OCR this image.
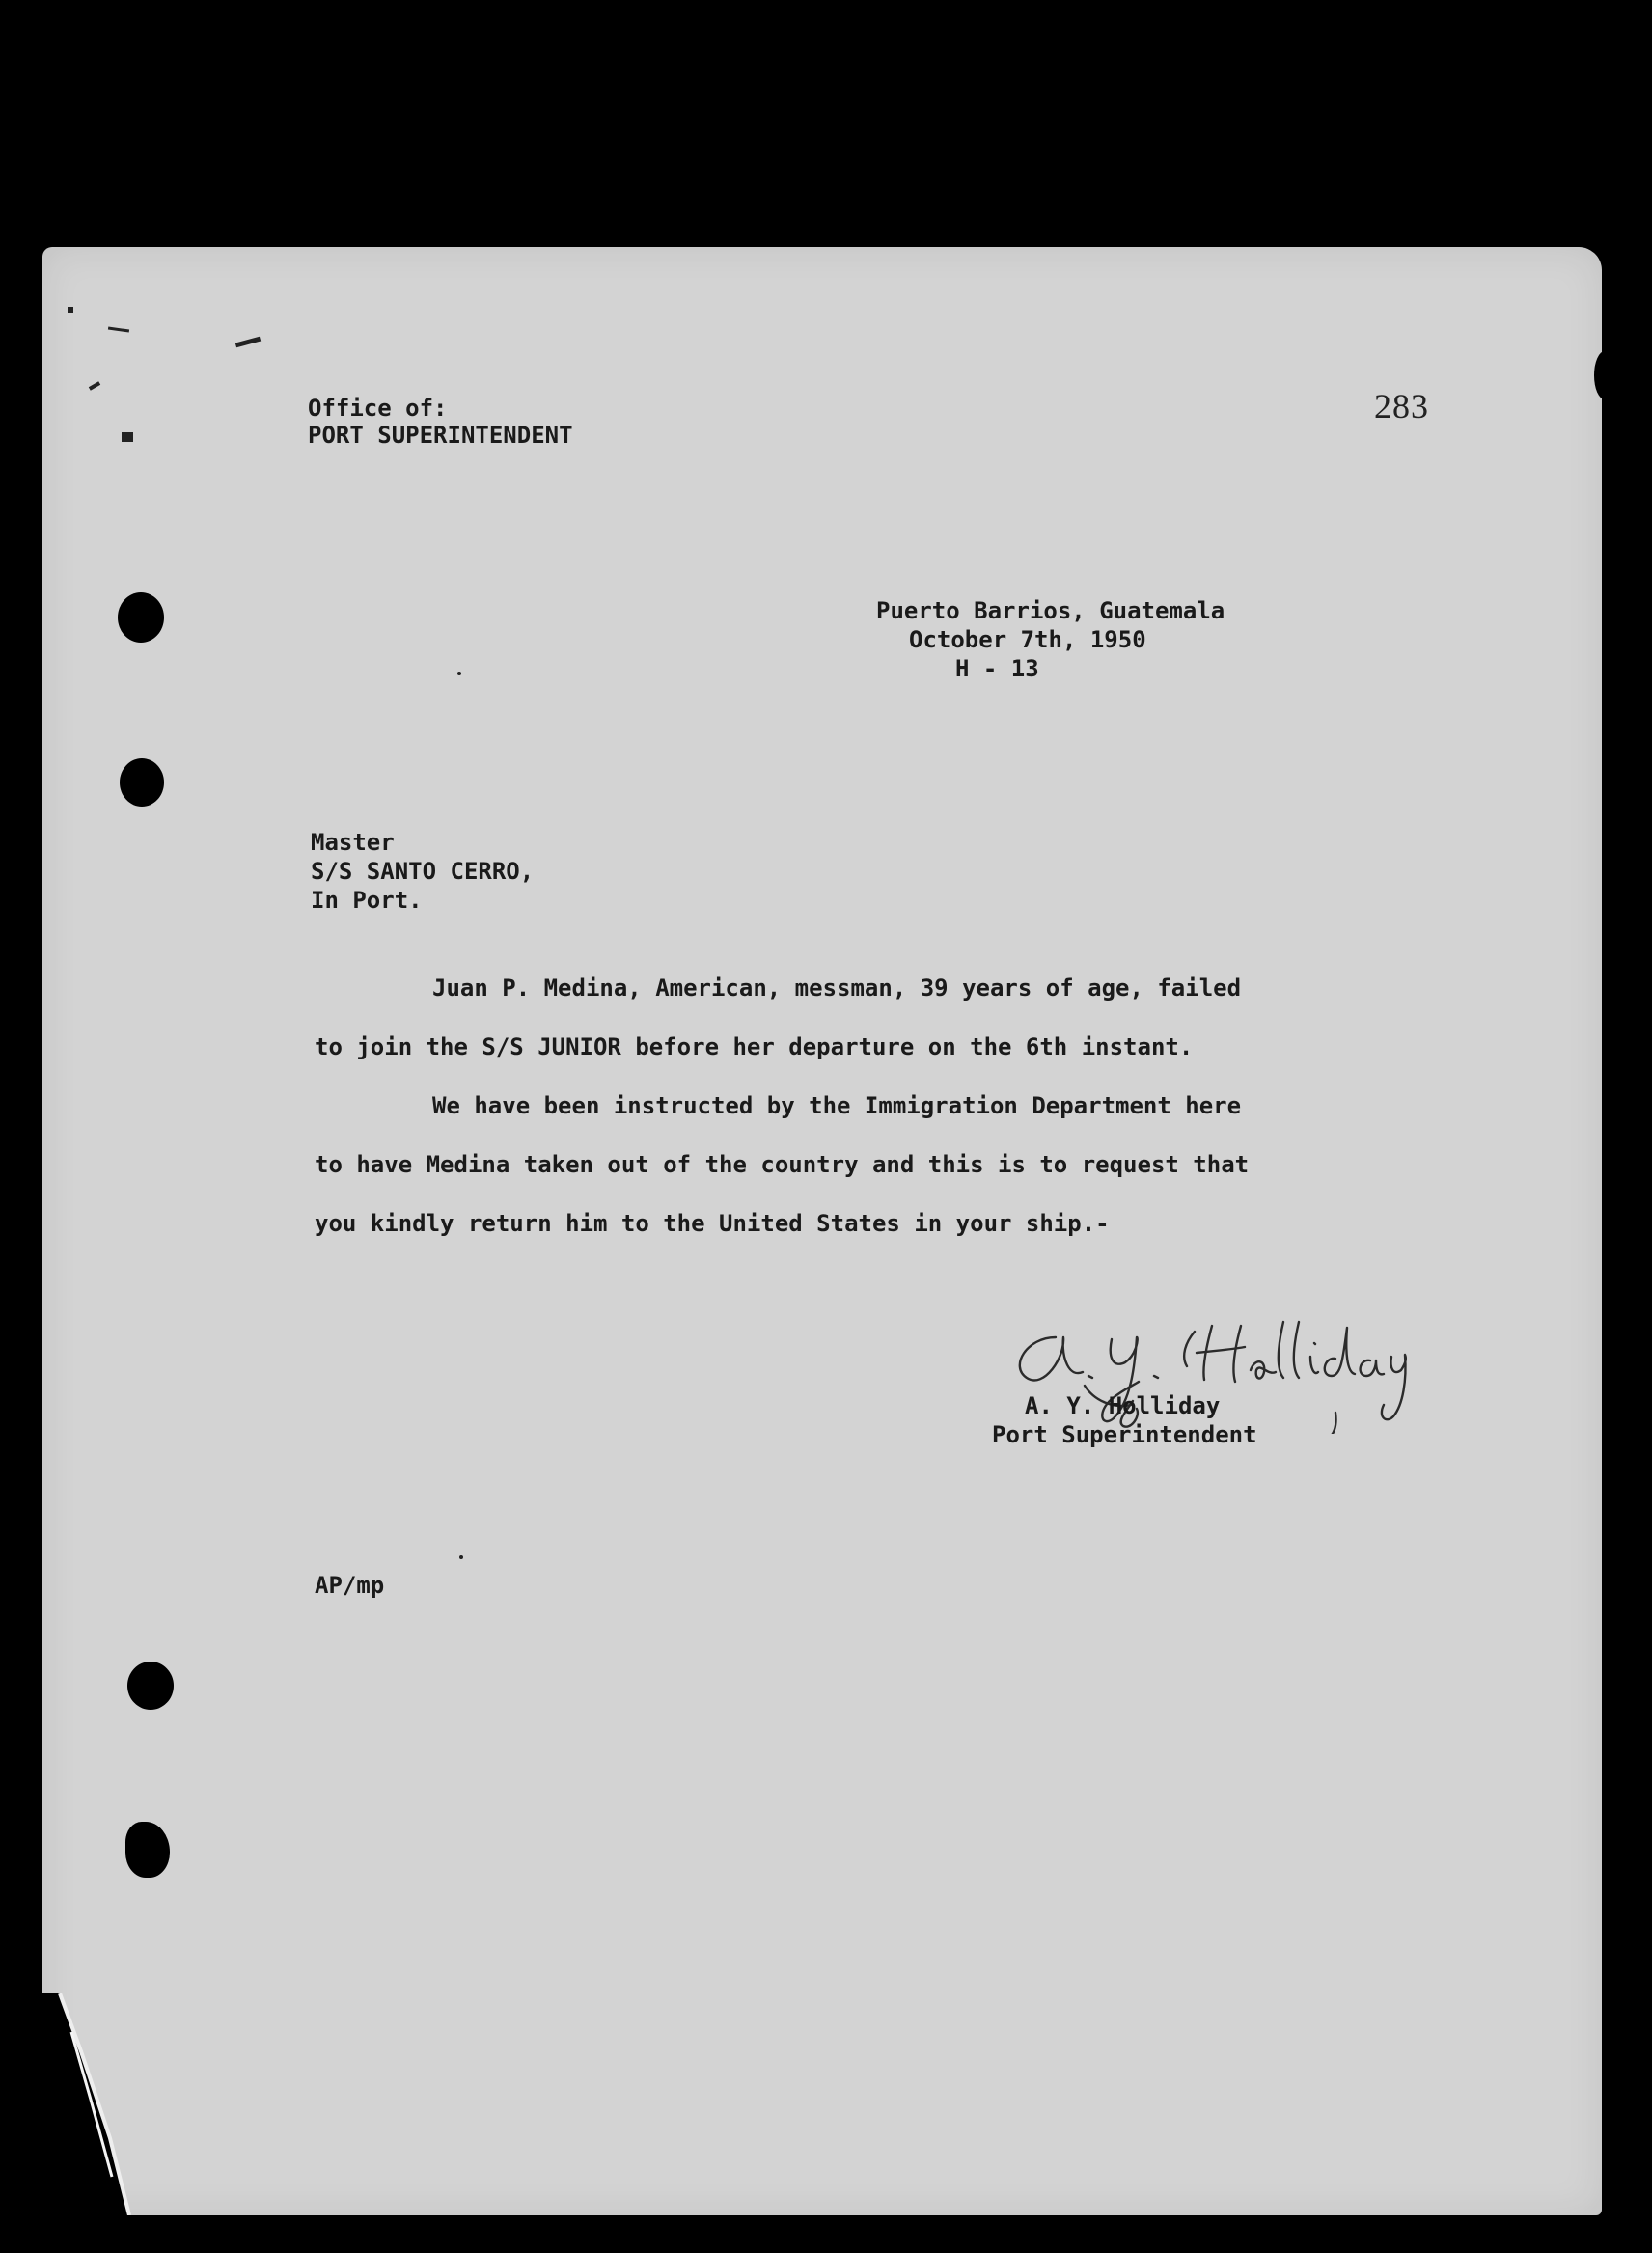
283
Office of:
PORT SUPERINTENDENT
Puerto Barrios, Guatemala
October 7th, 1950
H - 13
Master
S/S SANTO CERRO,
In Port.
Juan P. Medina, American, messman, 39 years of age, failed
to join the S/S JUNIOR before her departure on the 6th instant.
We have been instructed by the Immigration Department here
to have Medina taken out of the country and this is to request that
you kindly return him to the United States in your ship.-
A. Y. Holliday
Port Superintendent
AP/mp
